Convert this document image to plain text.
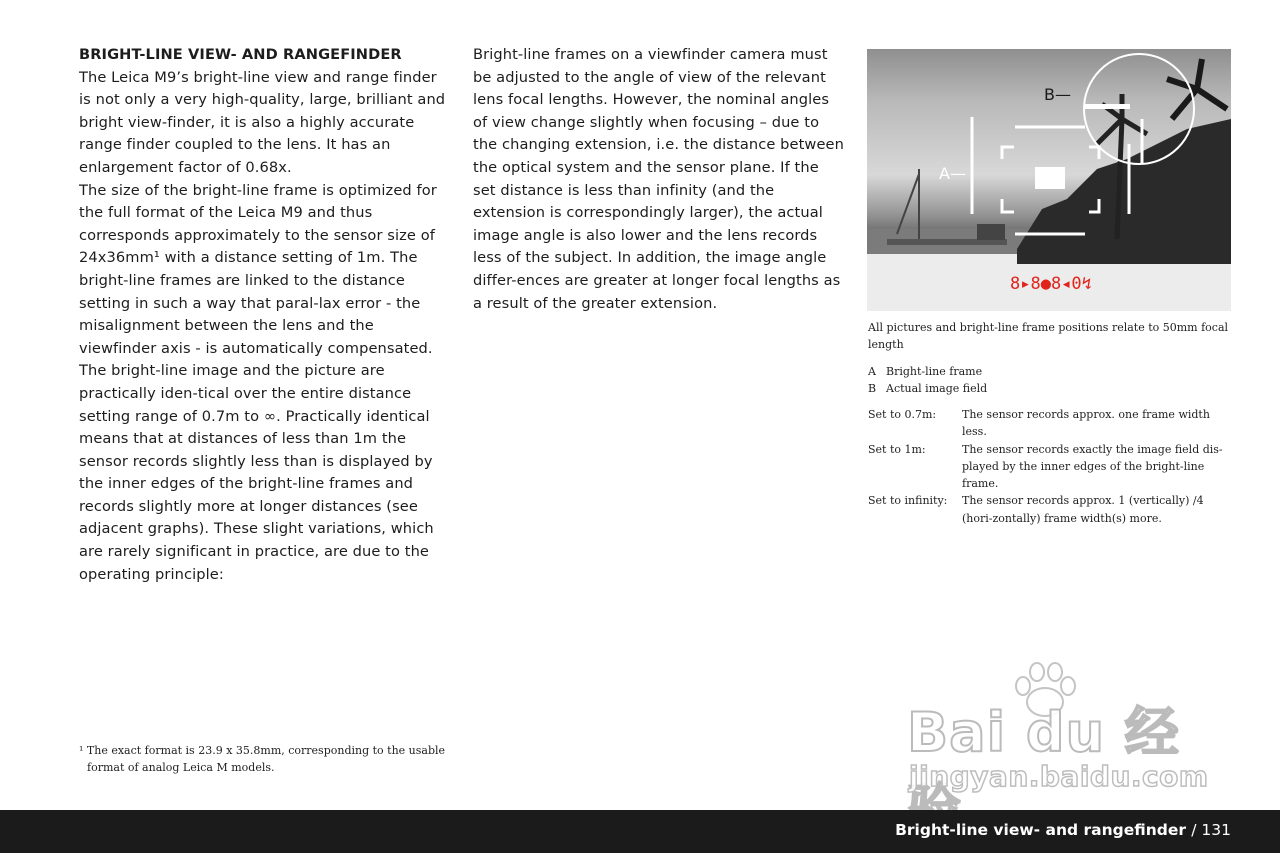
BRIGHT-LINE VIEW- AND RANGEFINDER
The Leica M9’s bright-line view and range finder is not only a very high-quality, large, brilliant and bright view-finder, it is also a highly accurate range finder coupled to the lens. It has an enlargement factor of 0.68x.
The size of the bright-line frame is optimized for the full format of the Leica M9 and thus corresponds approximately to the sensor size of 24x36mm¹ with a distance setting of 1m. The bright-line frames are linked to the distance setting in such a way that paral-lax error - the misalignment between the lens and the viewfinder axis - is automatically compensated. The bright-line image and the picture are practically iden-tical over the entire distance setting range of 0.7m to ∞. Practically identical means that at distances of less than 1m the sensor records slightly less than is displayed by the inner edges of the bright-line frames and records slightly more at longer distances (see adjacent graphs). These slight variations, which are rarely significant in practice, are due to the operating principle:
Bright-line frames on a viewfinder camera must be adjusted to the angle of view of the relevant lens focal lengths. However, the nominal angles of view change slightly when focusing – due to the changing extension, i.e. the distance between the optical system and the sensor plane. If the set distance is less than infinity (and the extension is correspondingly larger), the actual image angle is also lower and the lens records less of the subject. In addition, the image angle differ-ences are greater at longer focal lengths as a result of the greater extension.
A—
B—
8▸8●8◂0↯
All pictures and bright-line frame positions relate to 50mm focal length
A Bright-line frame
B Actual image field
Set to 0.7m:	The sensor records approx. one frame width less.
Set to 1m:	The sensor records exactly the image field dis-played by the inner edges of the bright-line frame.
Set to infinity:	The sensor records approx. 1 (vertically) /4 (hori-zontally) frame width(s) more.
¹ The exact format is 23.9 x 35.8mm, corresponding to the usable format of analog Leica M models.
Bai du 经
jingyan.baidu.com
Bright-line view- and rangefinder / 131
